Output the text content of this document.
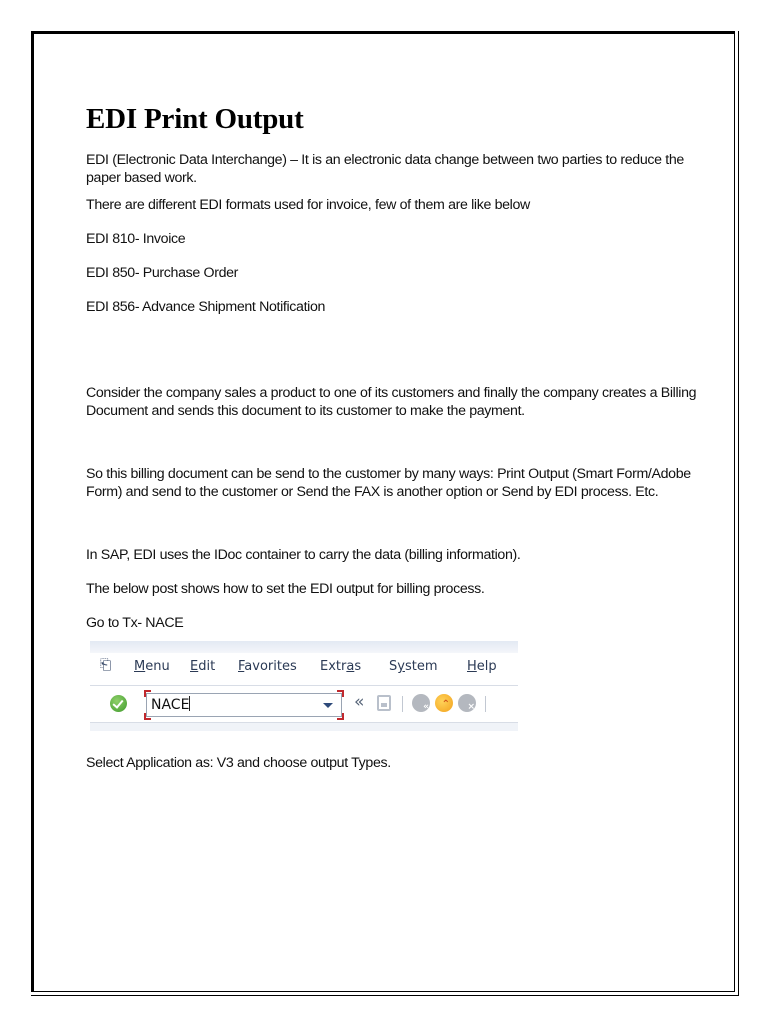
EDI Print Output

EDI (Electronic Data Interchange) – It is an electronic data change between two parties to reduce the paper based work.

There are different EDI formats used for invoice, few of them are like below

EDI 810- Invoice

EDI 850- Purchase Order

EDI 856- Advance Shipment Notification

Consider the company sales a product to one of its customers and finally the company creates a Billing Document and sends this document to its customer to make the payment.

So this billing document can be send to the customer by many ways: Print Output (Smart Form/Adobe Form) and send to the customer or Send the FAX is another option or Send by EDI process. Etc.

In SAP, EDI uses the IDoc container to carry the data (billing information).

The below post shows how to set the EDI output for billing process.

Go to Tx- NACE

⎗ Menu Edit Favorites Extras System Help
NACE	«	« ⌃ ×

Select Application as: V3 and choose output Types.
